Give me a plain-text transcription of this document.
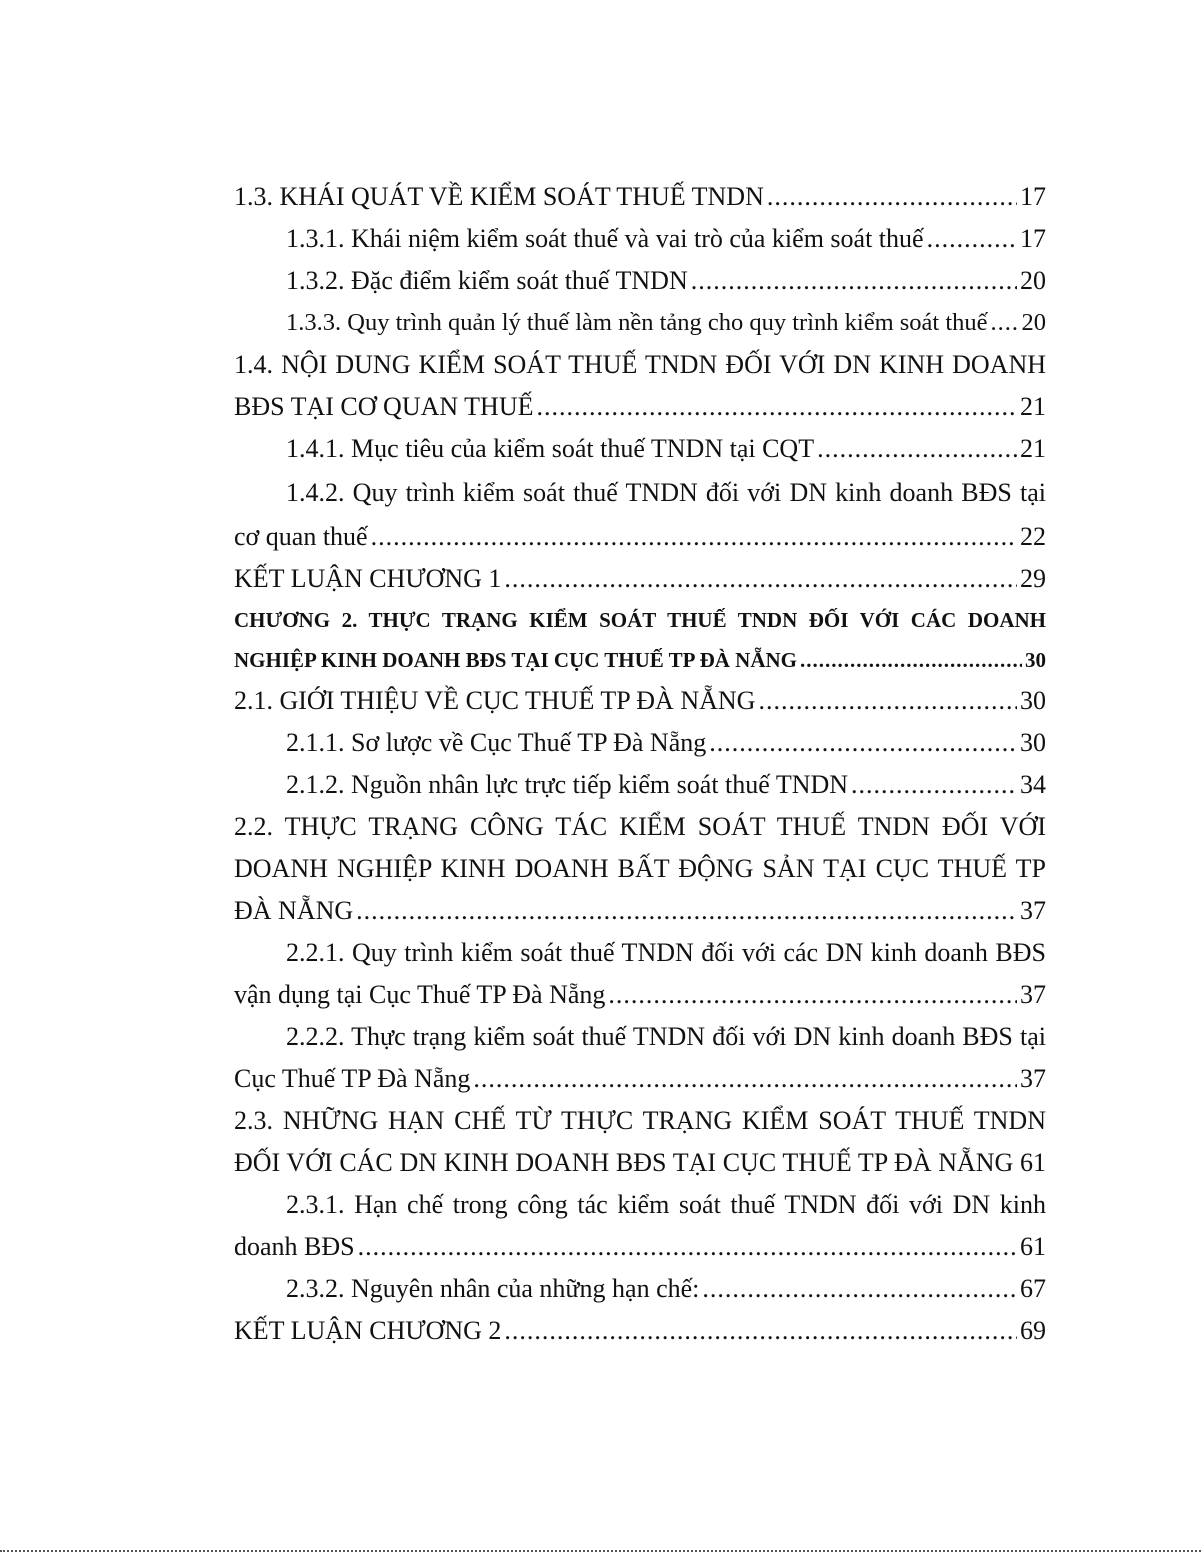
1.3. KHÁI QUÁT VỀ KIỂM SOÁT THUẾ TNDN .....	17
1.3.1. Khái niệm kiểm soát thuế và vai trò của kiểm soát thuế .....	17
1.3.2. Đặc điểm kiểm soát thuế TNDN .....	20
1.3.3. Quy trình quản lý thuế làm nền tảng cho quy trình kiểm soát thuế ..... 20
1.4. NỘI DUNG KIỂM SOÁT THUẾ TNDN ĐỐI VỚI DN KINH DOANH
BĐS TẠI CƠ QUAN THUẾ .....	21
1.4.1. Mục tiêu của kiểm soát thuế TNDN tại CQT .....	21
1.4.2. Quy trình kiểm soát thuế TNDN đối với DN kinh doanh BĐS tại
cơ quan thuế .....	22
KẾT LUẬN CHƯƠNG 1 .....	29
CHƯƠNG 2. THỰC TRẠNG KIỂM SOÁT THUẾ TNDN ĐỐI VỚI CÁC DOANH
NGHIỆP KINH DOANH BĐS TẠI CỤC THUẾ TP ĐÀ NẴNG .....	30
2.1. GIỚI THIỆU VỀ CỤC THUẾ TP ĐÀ NẴNG .....	30
2.1.1. Sơ lược về Cục Thuế TP Đà Nẵng .....	30
2.1.2. Nguồn nhân lực trực tiếp kiểm soát thuế TNDN .....	34
2.2. THỰC TRẠNG CÔNG TÁC KIỂM SOÁT THUẾ TNDN ĐỐI VỚI
DOANH NGHIỆP KINH DOANH BẤT ĐỘNG SẢN TẠI CỤC THUẾ TP
ĐÀ NẴNG .....	37
2.2.1. Quy trình kiểm soát thuế TNDN đối với các DN kinh doanh BĐS
vận dụng tại Cục Thuế TP Đà Nẵng .....	37
2.2.2. Thực trạng kiểm soát thuế TNDN đối với DN kinh doanh BĐS tại
Cục Thuế TP Đà Nẵng .....	37
2.3. NHỮNG HẠN CHẾ TỪ THỰC TRẠNG KIỂM SOÁT THUẾ TNDN
ĐỐI VỚI CÁC DN KINH DOANH BĐS TẠI CỤC THUẾ TP ĐÀ NẴNG 61
2.3.1. Hạn chế trong công tác kiểm soát thuế TNDN đối với DN kinh
doanh BĐS .....	61
2.3.2. Nguyên nhân của những hạn chế: .....	67
KẾT LUẬN CHƯƠNG 2 .....	69
